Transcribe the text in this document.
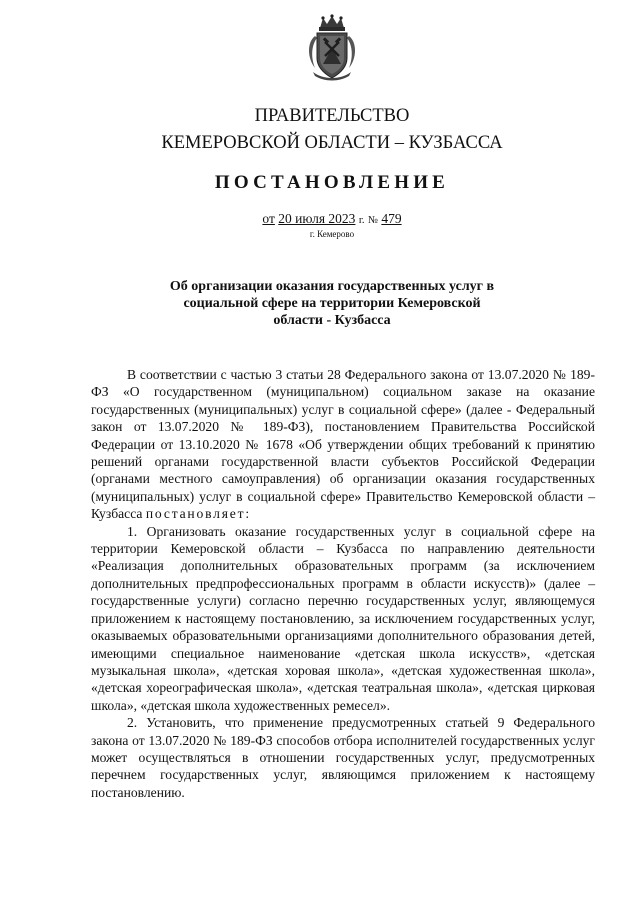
ПРАВИТЕЛЬСТВО
КЕМЕРОВСКОЙ ОБЛАСТИ – КУЗБАССА
ПОСТАНОВЛЕНИЕ
от 20 июля 2023 г. № 479
г. Кемерово
Об организации оказания государственных услуг в
социальной сфере на территории Кемеровской
области - Кузбасса

В соответствии с частью 3 статьи 28 Федерального закона от 13.07.2020 № 189-ФЗ «О государственном (муниципальном) социальном заказе на оказание государственных (муниципальных) услуг в социальной сфере» (далее - Федеральный закон от 13.07.2020 № 189-ФЗ), постановлением Правительства Российской Федерации от 13.10.2020 № 1678 «Об утверждении общих требований к принятию решений органами государственной власти субъектов Российской Федерации (органами местного самоуправления) об организации оказания государственных (муниципальных) услуг в социальной сфере» Правительство Кемеровской области – Кузбасса постановляет:

1. Организовать оказание государственных услуг в социальной сфере на территории Кемеровской области – Кузбасса по направлению деятельности «Реализация дополнительных образовательных программ (за исключением дополнительных предпрофессиональных программ в области искусств)» (далее – государственные услуги) согласно перечню государственных услуг, являющемуся приложением к настоящему постановлению, за исключением государственных услуг, оказываемых образовательными организациями дополнительного образования детей, имеющими специальное наименование «детская школа искусств», «детская музыкальная школа», «детская хоровая школа», «детская художественная школа», «детская хореографическая школа», «детская театральная школа», «детская цирковая школа», «детская школа художественных ремесел».

2. Установить, что применение предусмотренных статьей 9 Федерального закона от 13.07.2020 № 189-ФЗ способов отбора исполнителей государственных услуг может осуществляться в отношении государственных услуг, предусмотренных перечнем государственных услуг, являющимся приложением к настоящему постановлению.
